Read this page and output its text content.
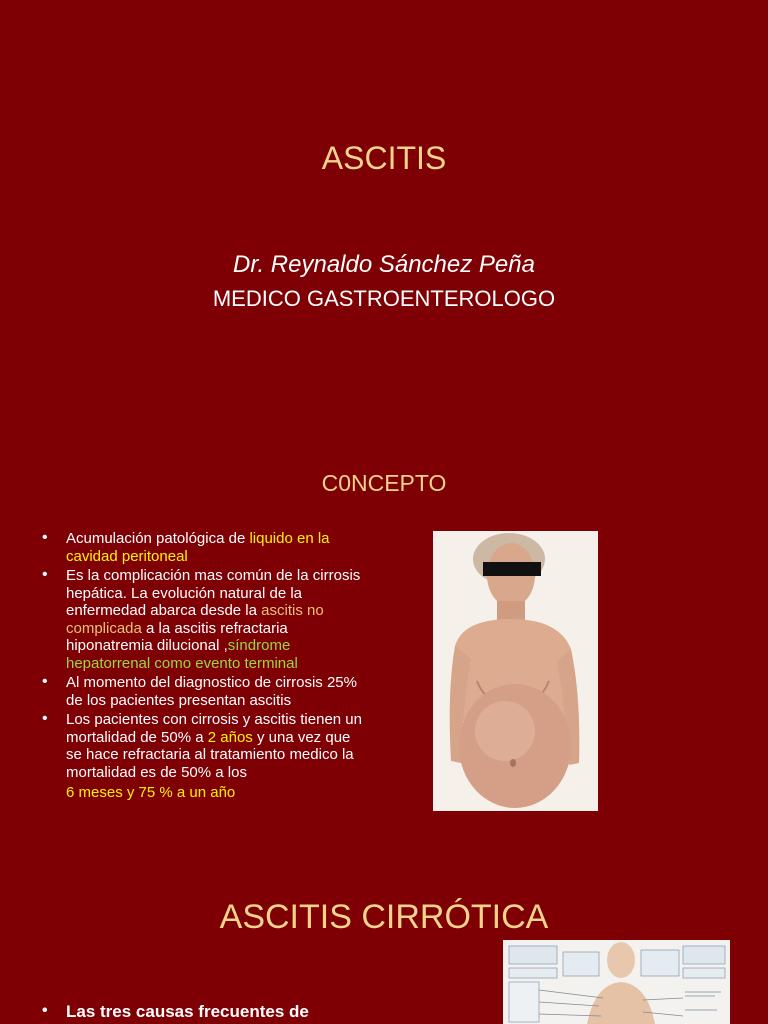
ASCITIS
Dr. Reynaldo Sánchez Peña
MEDICO GASTROENTEROLOGO
C0NCEPTO
• Acumulación patológica de liquido en la cavidad peritoneal
• Es la complicación mas común de la cirrosis hepática. La evolución natural de la enfermedad abarca desde la ascitis no complicada a la ascitis refractaria hiponatremia dilucional ,síndrome hepatorrenal como evento terminal
• Al momento del diagnostico de cirrosis 25% de los pacientes presentan ascitis
• Los pacientes con cirrosis y ascitis tienen un mortalidad de 50% a 2 años y una vez que se hace refractaria al tratamiento medico la mortalidad es de 50% a los
6 meses y 75 % a un año
ASCITIS CIRRÓTICA
• Las tres causas frecuentes de
